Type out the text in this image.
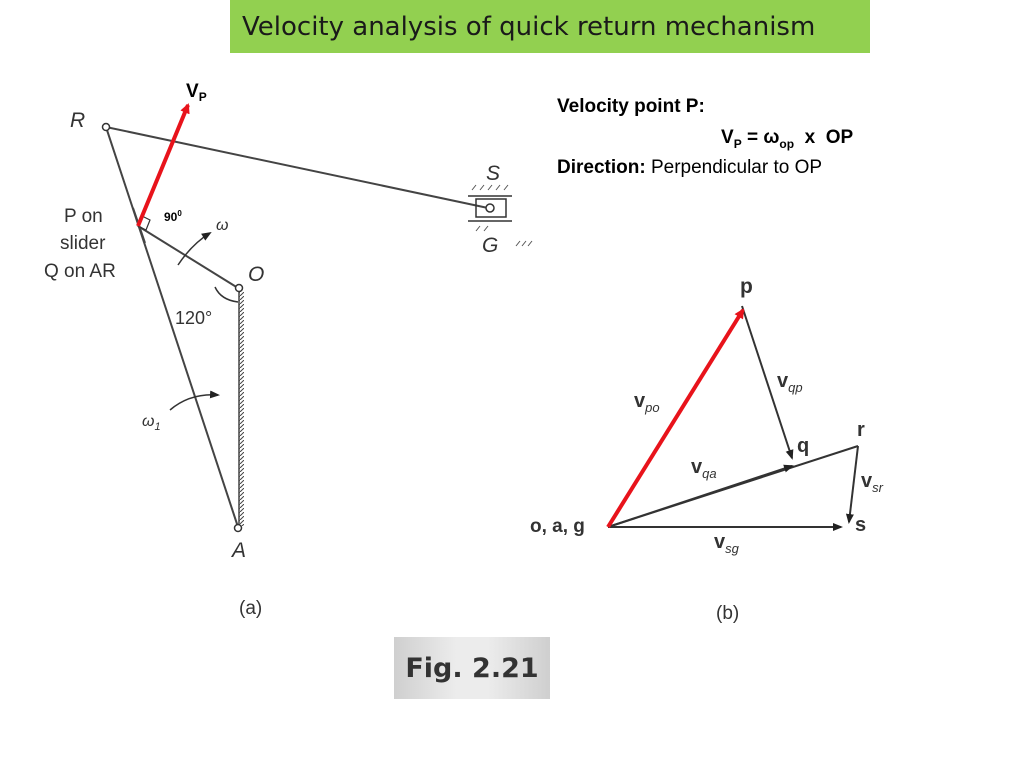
Velocity analysis of quick return mechanism
Velocity point P:
$V_P = \omega_{op}$  x  OP
Direction: Perpendicular to OP
$V_P$
$90^0$
R
S
G
O
A
P on
slider
Q on AR
ω
$\omega_1$
120°
(a)
p
q
r
s
o, a, g
$v_{po}$
$v_{qp}$
$v_{qa}$	$v_{sr}$
$v_{sg}$
(b)
Fig. 2.21
